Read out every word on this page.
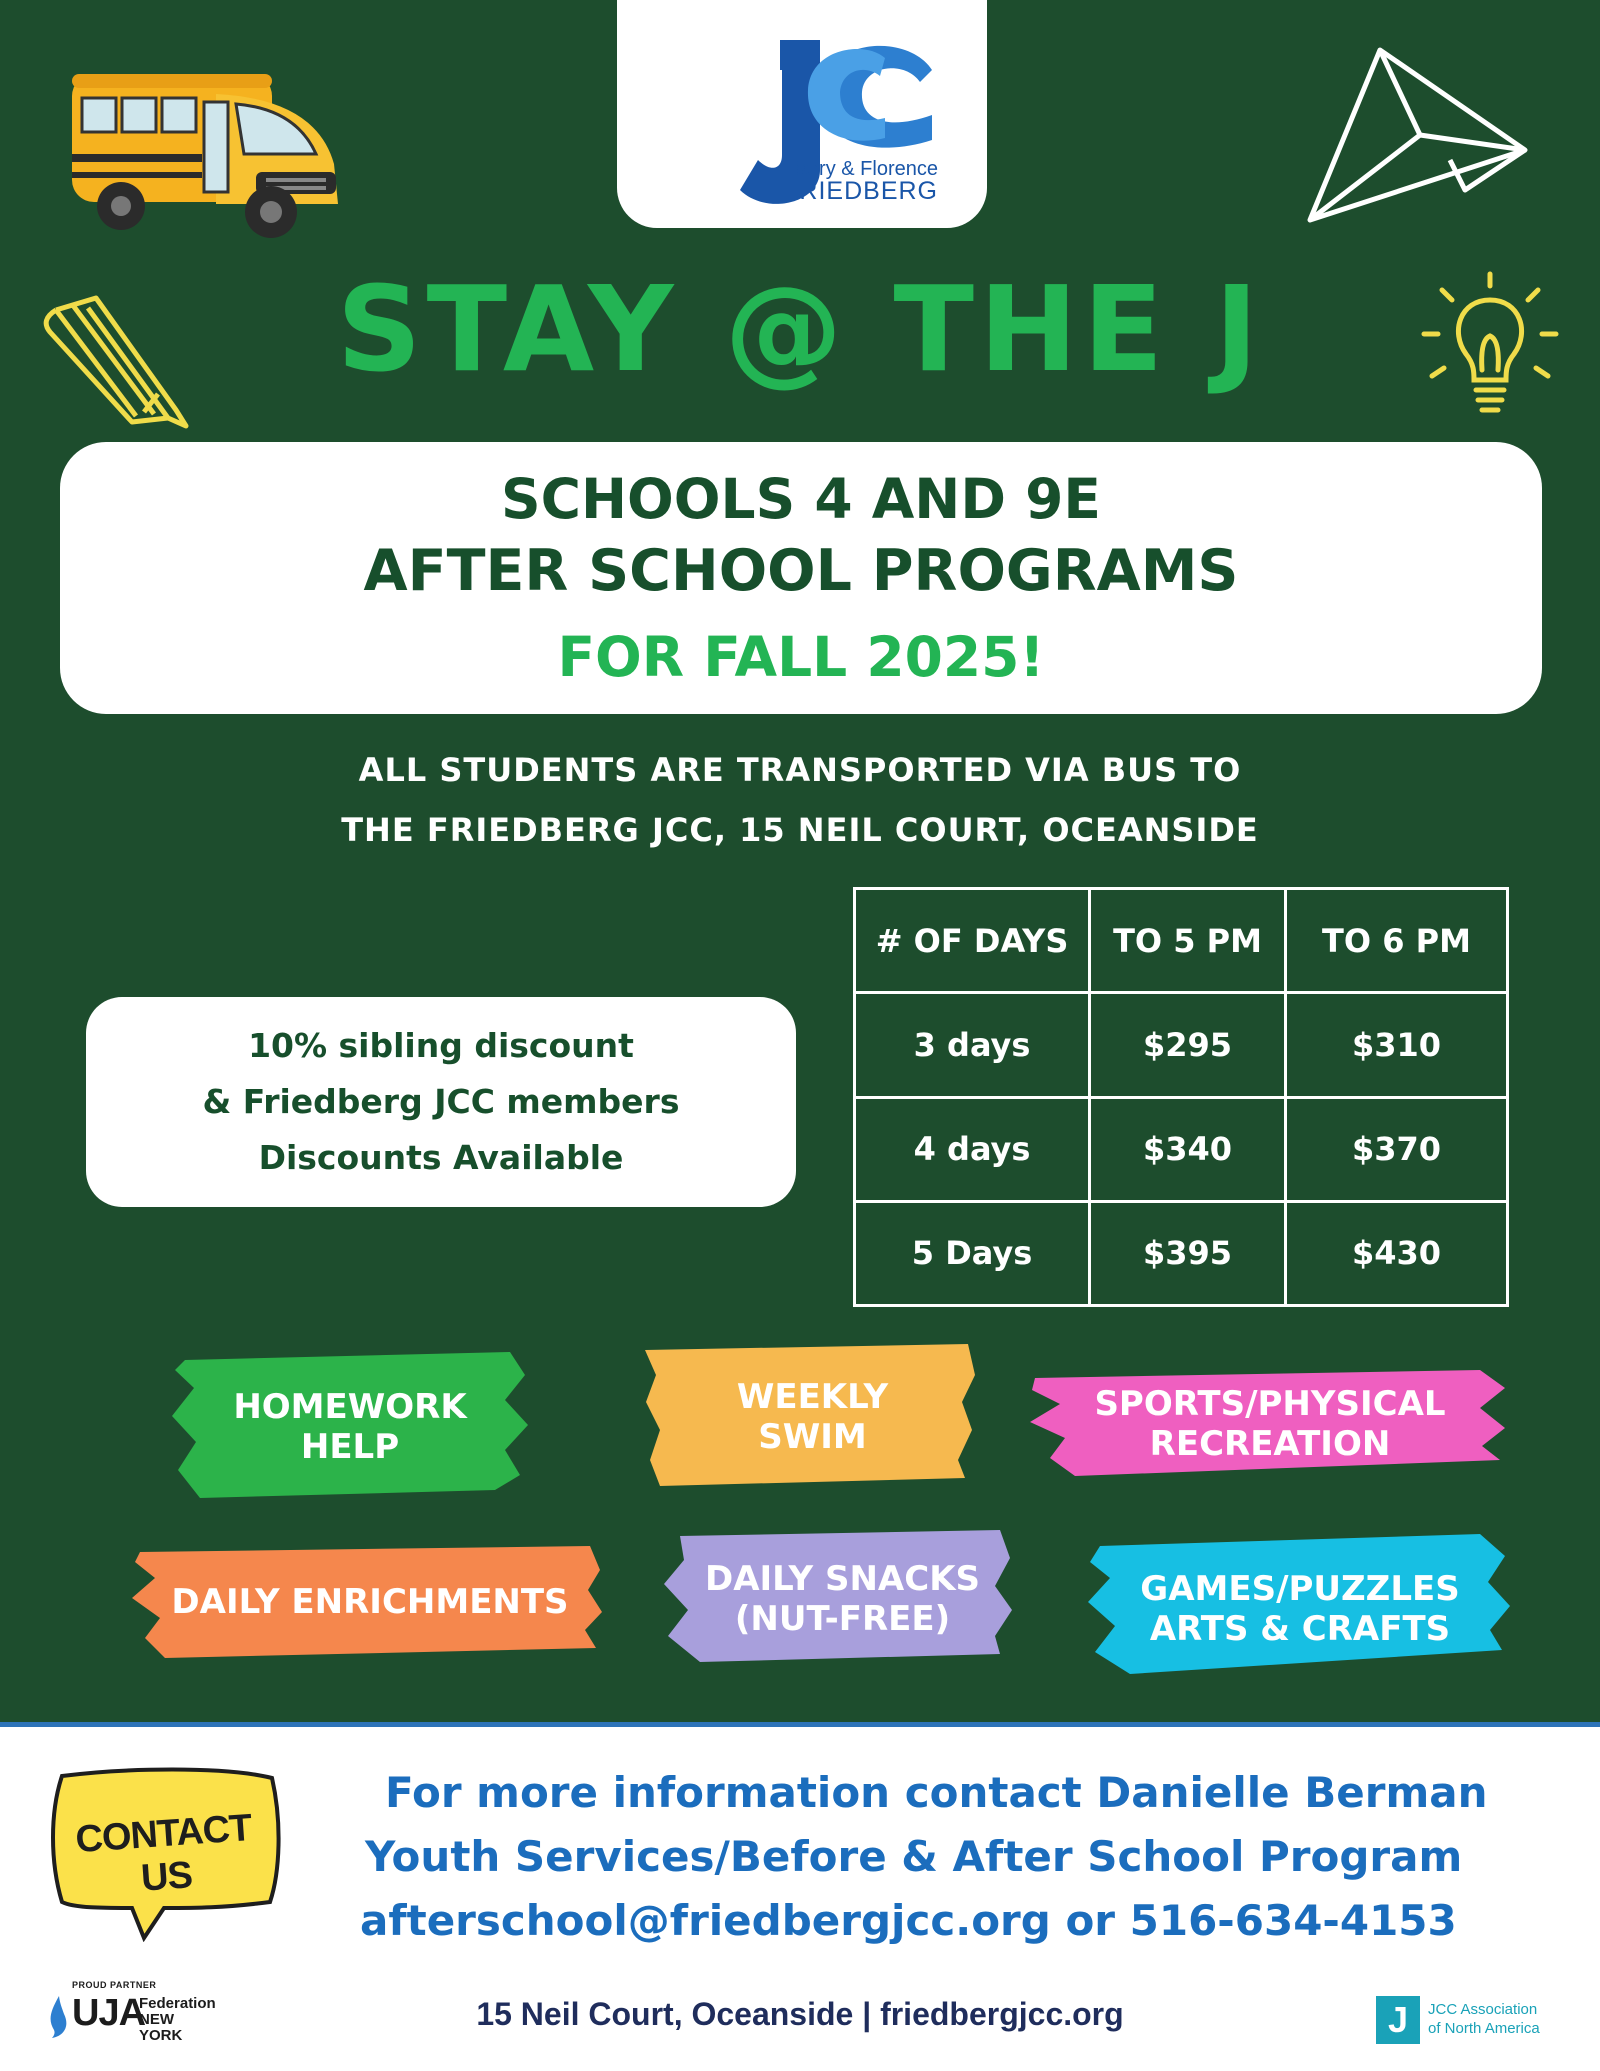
Barry & Florence
FRIEDBERG
STAY @ THE J
SCHOOLS 4 AND 9E
AFTER SCHOOL PROGRAMS
FOR FALL 2025!
ALL STUDENTS ARE TRANSPORTED VIA BUS TO
THE FRIEDBERG JCC, 15 NEIL COURT, OCEANSIDE
10% sibling discount
& Friedberg JCC members
Discounts Available
# OF DAYS	TO 5 PM	TO 6 PM
3 days	$295	$310
4 days	$340	$370
5 Days	$395	$430
HOMEWORK
HELP
WEEKLY
SWIM
SPORTS/PHYSICAL
RECREATION
DAILY ENRICHMENTS
DAILY SNACKS
(NUT-FREE)
GAMES/PUZZLES
ARTS & CRAFTS
CONTACT US
For more information contact Danielle Berman
Youth Services/Before & After School Program
afterschool@friedbergjcc.org or 516-634-4153
PROUD PARTNER
UJA
Federation
NEW YORK
15 Neil Court, Oceanside | friedbergjcc.org	J	JCC Association
of North America
